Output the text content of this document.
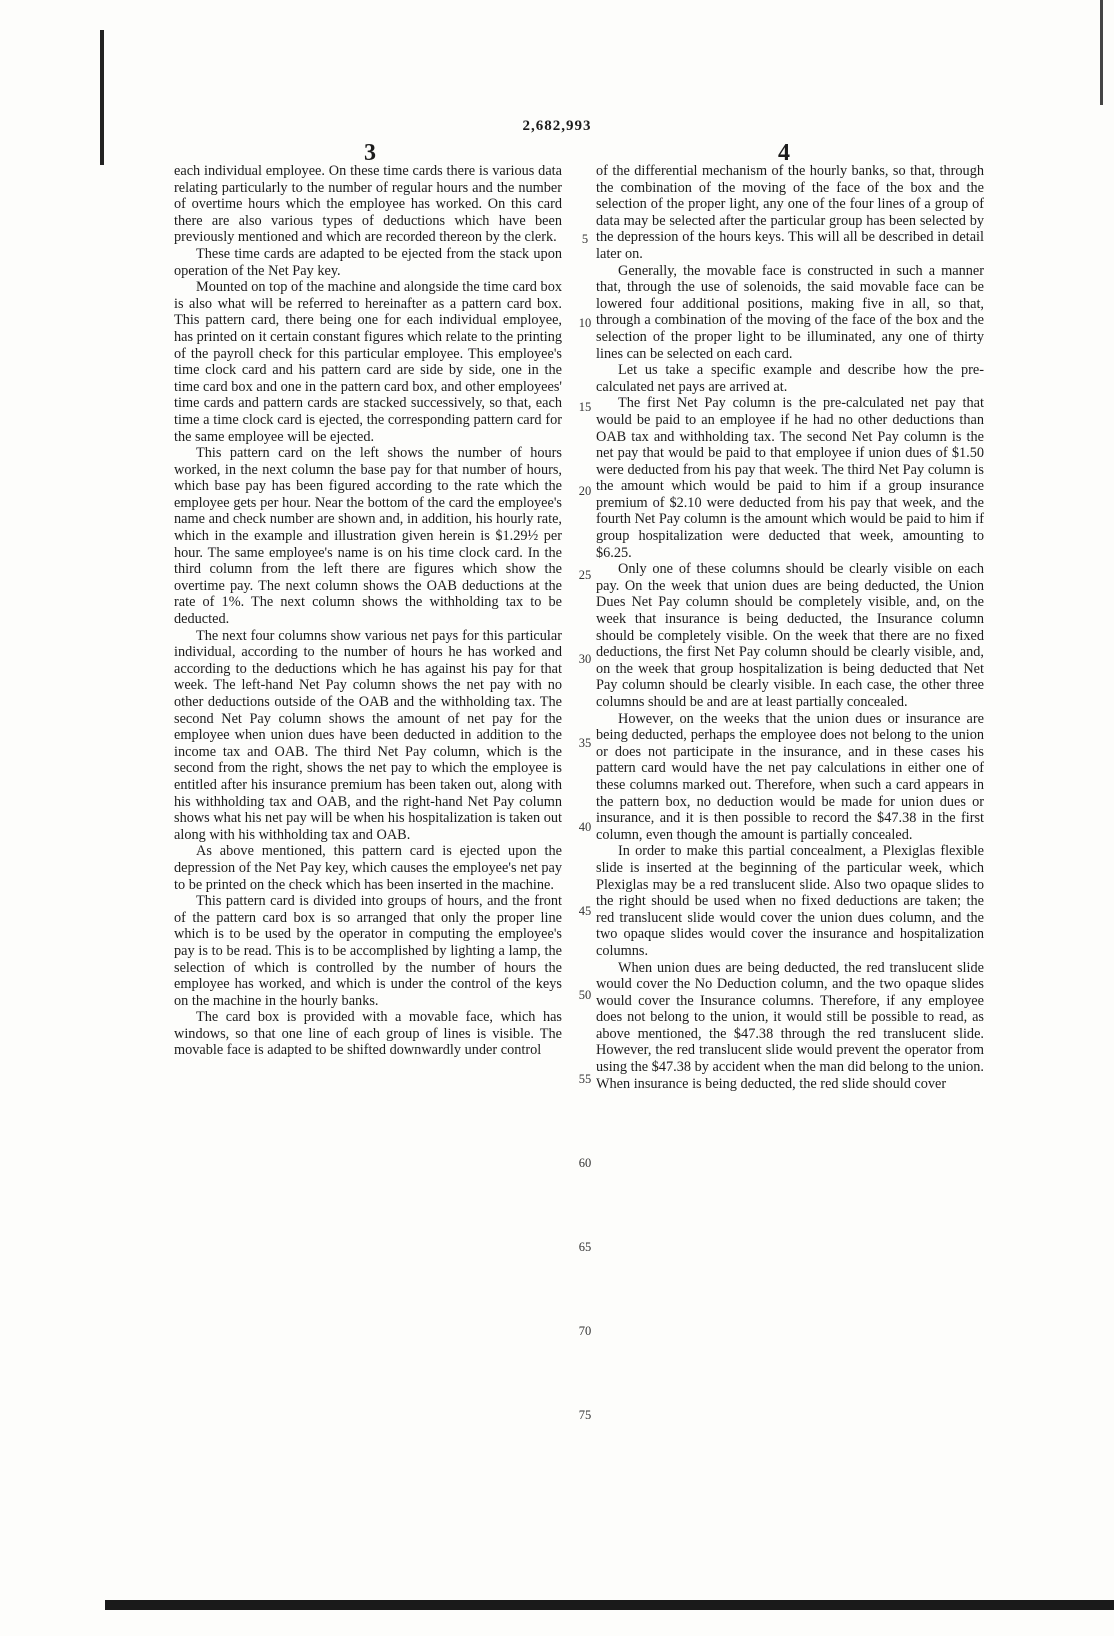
2,682,993
3	4

each individual employee. On these time cards there is various data relating particularly to the number of regular hours and the number of overtime hours which the employee has worked. On this card there are also various types of deductions which have been previously mentioned and which are recorded thereon by the clerk.

These time cards are adapted to be ejected from the stack upon operation of the Net Pay key.

Mounted on top of the machine and alongside the time card box is also what will be referred to hereinafter as a pattern card box. This pattern card, there being one for each individual employee, has printed on it certain constant figures which relate to the printing of the payroll check for this particular employee. This employee's time clock card and his pattern card are side by side, one in the time card box and one in the pattern card box, and other employees' time cards and pattern cards are stacked successively, so that, each time a time clock card is ejected, the corresponding pattern card for the same employee will be ejected.

This pattern card on the left shows the number of hours worked, in the next column the base pay for that number of hours, which base pay has been figured according to the rate which the employee gets per hour. Near the bottom of the card the employee's name and check number are shown and, in addition, his hourly rate, which in the example and illustration given herein is $1.29½ per hour. The same employee's name is on his time clock card. In the third column from the left there are figures which show the overtime pay. The next column shows the OAB deductions at the rate of 1%. The next column shows the withholding tax to be deducted.

The next four columns show various net pays for this particular individual, according to the number of hours he has worked and according to the deductions which he has against his pay for that week. The left-hand Net Pay column shows the net pay with no other deductions outside of the OAB and the withholding tax. The second Net Pay column shows the amount of net pay for the employee when union dues have been deducted in addition to the income tax and OAB. The third Net Pay column, which is the second from the right, shows the net pay to which the employee is entitled after his insurance premium has been taken out, along with his withholding tax and OAB, and the right-hand Net Pay column shows what his net pay will be when his hospitalization is taken out along with his withholding tax and OAB.

As above mentioned, this pattern card is ejected upon the depression of the Net Pay key, which causes the employee's net pay to be printed on the check which has been inserted in the machine.

This pattern card is divided into groups of hours, and the front of the pattern card box is so arranged that only the proper line which is to be used by the operator in computing the employee's pay is to be read. This is to be accomplished by lighting a lamp, the selection of which is controlled by the number of hours the employee has worked, and which is under the control of the keys on the machine in the hourly banks.

The card box is provided with a movable face, which has windows, so that one line of each group of lines is visible. The movable face is adapted to be shifted downwardly under control

of the differential mechanism of the hourly banks, so that, through the combination of the moving of the face of the box and the selection of the proper light, any one of the four lines of a group of data may be selected after the particular group has been selected by the depression of the hours keys. This will all be described in detail later on.

Generally, the movable face is constructed in such a manner that, through the use of solenoids, the said movable face can be lowered four additional positions, making five in all, so that, through a combination of the moving of the face of the box and the selection of the proper light to be illuminated, any one of thirty lines can be selected on each card.

Let us take a specific example and describe how the pre-calculated net pays are arrived at.

The first Net Pay column is the pre-calculated net pay that would be paid to an employee if he had no other deductions than OAB tax and withholding tax. The second Net Pay column is the net pay that would be paid to that employee if union dues of $1.50 were deducted from his pay that week. The third Net Pay column is the amount which would be paid to him if a group insurance premium of $2.10 were deducted from his pay that week, and the fourth Net Pay column is the amount which would be paid to him if group hospitalization were deducted that week, amounting to $6.25.

Only one of these columns should be clearly visible on each pay. On the week that union dues are being deducted, the Union Dues Net Pay column should be completely visible, and, on the week that insurance is being deducted, the Insurance column should be completely visible. On the week that there are no fixed deductions, the first Net Pay column should be clearly visible, and, on the week that group hospitalization is being deducted that Net Pay column should be clearly visible. In each case, the other three columns should be and are at least partially concealed.

However, on the weeks that the union dues or insurance are being deducted, perhaps the employee does not belong to the union or does not participate in the insurance, and in these cases his pattern card would have the net pay calculations in either one of these columns marked out. Therefore, when such a card appears in the pattern box, no deduction would be made for union dues or insurance, and it is then possible to record the $47.38 in the first column, even though the amount is partially concealed.

In order to make this partial concealment, a Plexiglas flexible slide is inserted at the beginning of the particular week, which Plexiglas may be a red translucent slide. Also two opaque slides to the right should be used when no fixed deductions are taken; the red translucent slide would cover the union dues column, and the two opaque slides would cover the insurance and hospitalization columns.

When union dues are being deducted, the red translucent slide would cover the No Deduction column, and the two opaque slides would cover the Insurance columns. Therefore, if any employee does not belong to the union, it would still be possible to read, as above mentioned, the $47.38 through the red translucent slide. However, the red translucent slide would prevent the operator from using the $47.38 by accident when the man did belong to the union. When insurance is being deducted, the red slide should cover

5
10
15
20
25
30
35
40
45
50
55
60
65
70
75
